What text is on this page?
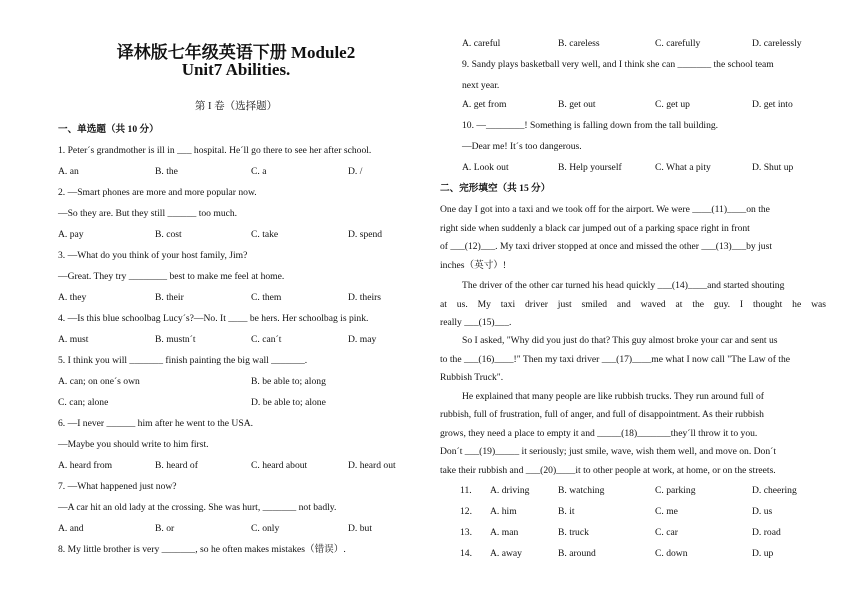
译林版七年级英语下册 Module2
Unit7 Abilities.
第 I 卷（选择题）
一、单选题（共 10 分）
1. Peter´s grandmother is ill in ___ hospital. He´ll go there to see her after school.
A. an	B. the	C. a	D. /
2. —Smart phones are more and more popular now.
—So they are. But they still ______ too much.
A. pay	B. cost	C. take	D. spend
3. —What do you think of your host family, Jim?
—Great. They try ________ best to make me feel at home.
A. they	B. their	C. them	D. theirs
4. —Is this blue schoolbag Lucy´s?—No. It ____ be hers. Her schoolbag is pink.
A. must	B. mustn´t	C. can´t	D. may
5. I think you will _______ finish painting the big wall _______.
A. can; on one´s own	B. be able to; along
C. can; alone	D. be able to; alone
6. —I never ______ him after he went to the USA.
—Maybe you should write to him first.
A. heard from	B. heard of	C. heard about	D. heard out
7. —What happened just now?
—A car hit an old lady at the crossing. She was hurt, _______ not badly.
A. and	B. or	C. only	D. but
8. My little brother is very _______, so he often makes mistakes（错误）.
A. careful	B. careless	C. carefully	D. carelessly
9. Sandy plays basketball very well, and I think she can _______ the school team
next year.
A. get from	B. get out	C. get up	D. get into
10. —________! Something is falling down from the tall building.
—Dear me! It´s too dangerous.
A. Look out	B. Help yourself	C. What a pity	D. Shut up
二、完形填空（共 15 分）
One day I got into a taxi and we took off for the airport. We were ____(11)____on the
right side when suddenly a black car jumped out of a parking space right in front
of ___(12)___. My taxi driver stopped at once and missed the other ___(13)___by just
inches（英寸）!
The driver of the other car turned his head quickly ___(14)____and started shouting
at us. My taxi driver just smiled and waved at the guy. I thought he was
really ___(15)___.
So I asked, "Why did you just do that? This guy almost broke your car and sent us
to the ___(16)____!" Then my taxi driver ___(17)____me what I now call "The Law of the
Rubbish Truck".
He explained that many people are like rubbish trucks. They run around full of
rubbish, full of frustration, full of anger, and full of disappointment. As their rubbish
grows, they need a place to empty it and _____(18)_______they´ll throw it to you.
Don´t ___(19)_____ it seriously; just smile, wave, wish them well, and move on. Don´t
take their rubbish and ___(20)____it to other people at work, at home, or on the streets.
11. A. driving	B. watching	C. parking	D. cheering
12. A. him	B. it	C. me	D. us
13. A. man	B. truck	C. car	D. road
14. A. away	B. around	C. down	D. up
